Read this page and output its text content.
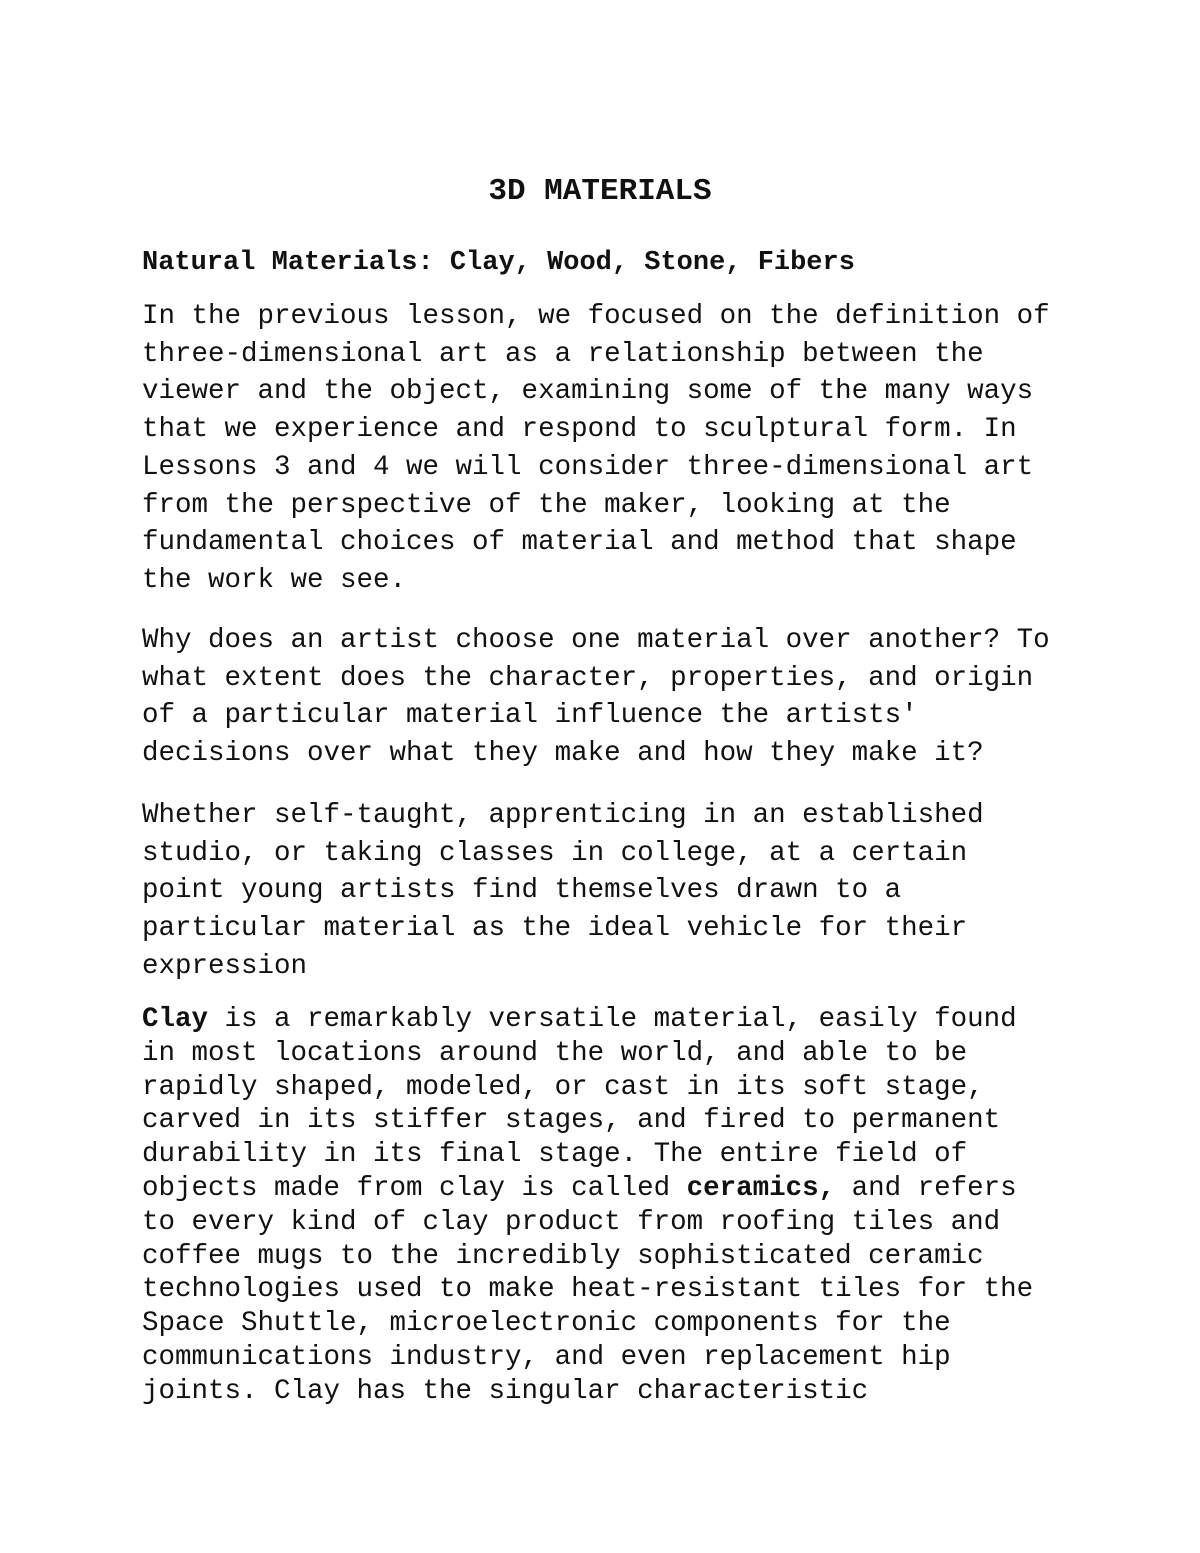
3D MATERIALS
Natural Materials: Clay, Wood, Stone, Fibers
In the previous lesson, we focused on the definition of
three-dimensional art as a relationship between the
viewer and the object, examining some of the many ways
that we experience and respond to sculptural form. In
Lessons 3 and 4 we will consider three-dimensional art
from the perspective of the maker, looking at the
fundamental choices of material and method that shape
the work we see.
Why does an artist choose one material over another? To
what extent does the character, properties, and origin
of a particular material influence the artists'
decisions over what they make and how they make it?
Whether self-taught, apprenticing in an established
studio, or taking classes in college, at a certain
point young artists find themselves drawn to a
particular material as the ideal vehicle for their
expression
Clay is a remarkably versatile material, easily found
in most locations around the world, and able to be
rapidly shaped, modeled, or cast in its soft stage,
carved in its stiffer stages, and fired to permanent
durability in its final stage. The entire field of
objects made from clay is called ceramics, and refers
to every kind of clay product from roofing tiles and
coffee mugs to the incredibly sophisticated ceramic
technologies used to make heat-resistant tiles for the
Space Shuttle, microelectronic components for the
communications industry, and even replacement hip
joints. Clay has the singular characteristic
